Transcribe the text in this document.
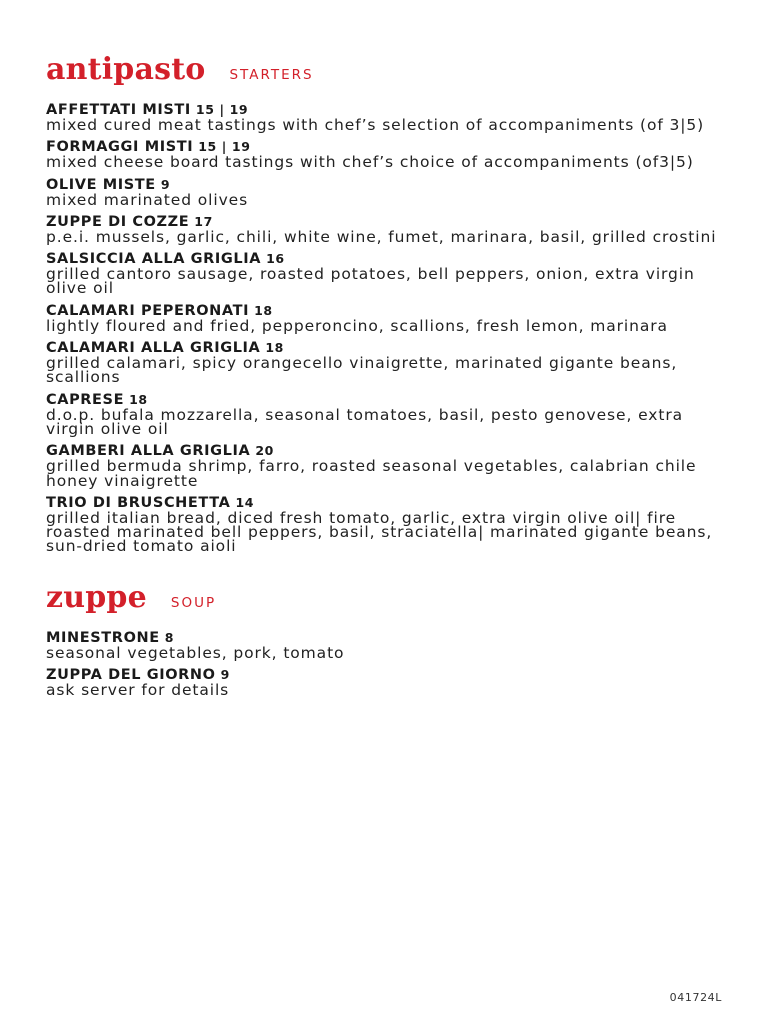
antipasto STARTERS
AFFETTATI MISTI 15 | 19
mixed cured meat tastings with chef’s selection of accompaniments (of 3|5)
FORMAGGI MISTI 15 | 19
mixed cheese board tastings with chef’s choice of accompaniments (of3|5)
OLIVE MISTE 9
mixed marinated olives
ZUPPE DI COZZE 17
p.e.i. mussels, garlic, chili, white wine, fumet, marinara, basil, grilled crostini
SALSICCIA ALLA GRIGLIA 16
grilled cantoro sausage, roasted potatoes, bell peppers, onion, extra virgin olive oil
CALAMARI PEPERONATI 18
lightly floured and fried, pepperoncino, scallions, fresh lemon, marinara
CALAMARI ALLA GRIGLIA 18
grilled calamari, spicy orangecello vinaigrette, marinated gigante beans, scallions
CAPRESE 18
d.o.p. bufala mozzarella, seasonal tomatoes, basil, pesto genovese, extra virgin olive oil
GAMBERI ALLA GRIGLIA 20
grilled bermuda shrimp, farro, roasted seasonal vegetables, calabrian chile honey vinaigrette
TRIO DI BRUSCHETTA 14
grilled italian bread, diced fresh tomato, garlic, extra virgin olive oil| fire roasted marinated bell peppers, basil, straciatella| marinated gigante beans, sun-dried tomato aioli
zuppe SOUP
MINESTRONE 8
seasonal vegetables, pork, tomato
ZUPPA DEL GIORNO 9
ask server for details
041724L
